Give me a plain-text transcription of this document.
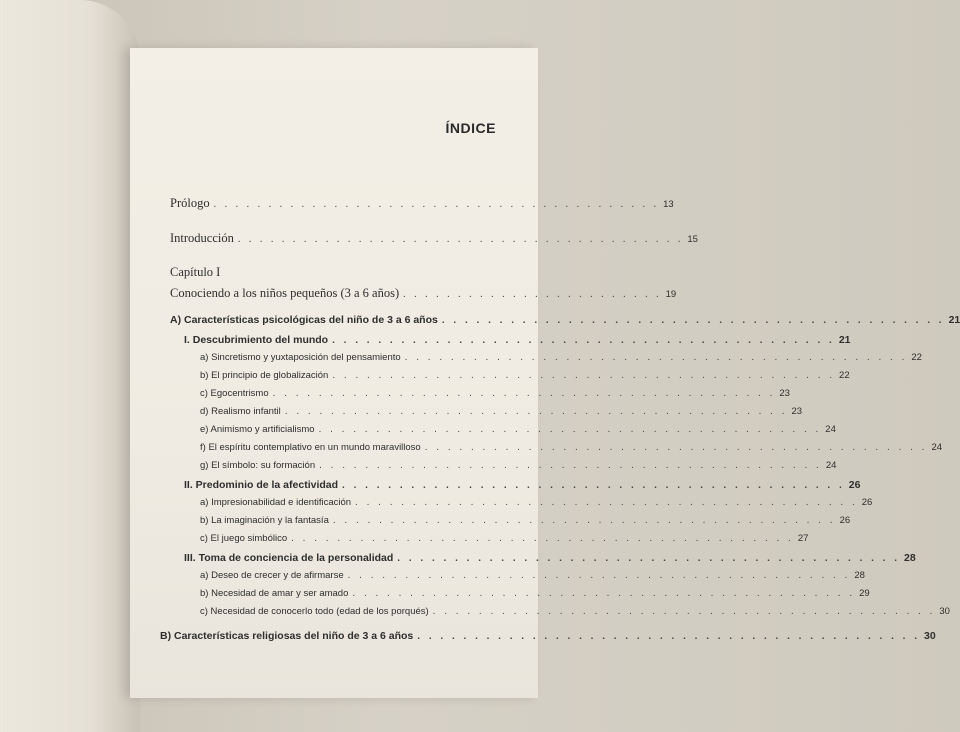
ÍNDICE
Prólogo . . . . . . . . . . . . . . . . . . . . . . . . . . . . . . . . . . . . . . . . . 13
Introducción . . . . . . . . . . . . . . . . . . . . . . . . . . . . . . . . . . . . . . . . . 15
Capítulo I
Conociendo a los niños pequeños (3 a 6 años) . . . . . . . . . . . . . . . . . . . . . . . . 19
A) Características psicológicas del niño de 3 a 6 años . . . . . . . . . . . . . . . . . . . . . . . . . . . . . . . . . . . . . . . . . . . . 21
I. Descubrimiento del mundo . . . . . . . . . . . . . . . . . . . . . . . . . . . . . . . . . . . . . . . . . . . . 21
a) Sincretismo y yuxtaposición del pensamiento . . . . . . . . . . . . . . . . . . . . . . . . . . . . . . . . . . . . . . . . . . . . 22
b) El principio de globalización . . . . . . . . . . . . . . . . . . . . . . . . . . . . . . . . . . . . . . . . . . . . 22
c) Egocentrismo . . . . . . . . . . . . . . . . . . . . . . . . . . . . . . . . . . . . . . . . . . . . 23
d) Realismo infantil . . . . . . . . . . . . . . . . . . . . . . . . . . . . . . . . . . . . . . . . . . . . 23
e) Animismo y artificialismo . . . . . . . . . . . . . . . . . . . . . . . . . . . . . . . . . . . . . . . . . . . . 24
f) El espíritu contemplativo en un mundo maravilloso . . . . . . . . . . . . . . . . . . . . . . . . . . . . . . . . . . . . . . . . . . . . 24
g) El símbolo: su formación . . . . . . . . . . . . . . . . . . . . . . . . . . . . . . . . . . . . . . . . . . . . 24
II. Predominio de la afectividad . . . . . . . . . . . . . . . . . . . . . . . . . . . . . . . . . . . . . . . . . . . . 26
a) Impresionabilidad e identificación . . . . . . . . . . . . . . . . . . . . . . . . . . . . . . . . . . . . . . . . . . . . 26
b) La imaginación y la fantasía . . . . . . . . . . . . . . . . . . . . . . . . . . . . . . . . . . . . . . . . . . . . 26
c) El juego simbólico . . . . . . . . . . . . . . . . . . . . . . . . . . . . . . . . . . . . . . . . . . . . 27
III. Toma de conciencia de la personalidad . . . . . . . . . . . . . . . . . . . . . . . . . . . . . . . . . . . . . . . . . . . . 28
a) Deseo de crecer y de afirmarse . . . . . . . . . . . . . . . . . . . . . . . . . . . . . . . . . . . . . . . . . . . . 28
b) Necesidad de amar y ser amado . . . . . . . . . . . . . . . . . . . . . . . . . . . . . . . . . . . . . . . . . . . . 29
c) Necesidad de conocerlo todo (edad de los porqués) . . . . . . . . . . . . . . . . . . . . . . . . . . . . . . . . . . . . . . . . . . . . 30
B) Características religiosas del niño de 3 a 6 años . . . . . . . . . . . . . . . . . . . . . . . . . . . . . . . . . . . . . . . . . . . . 30
